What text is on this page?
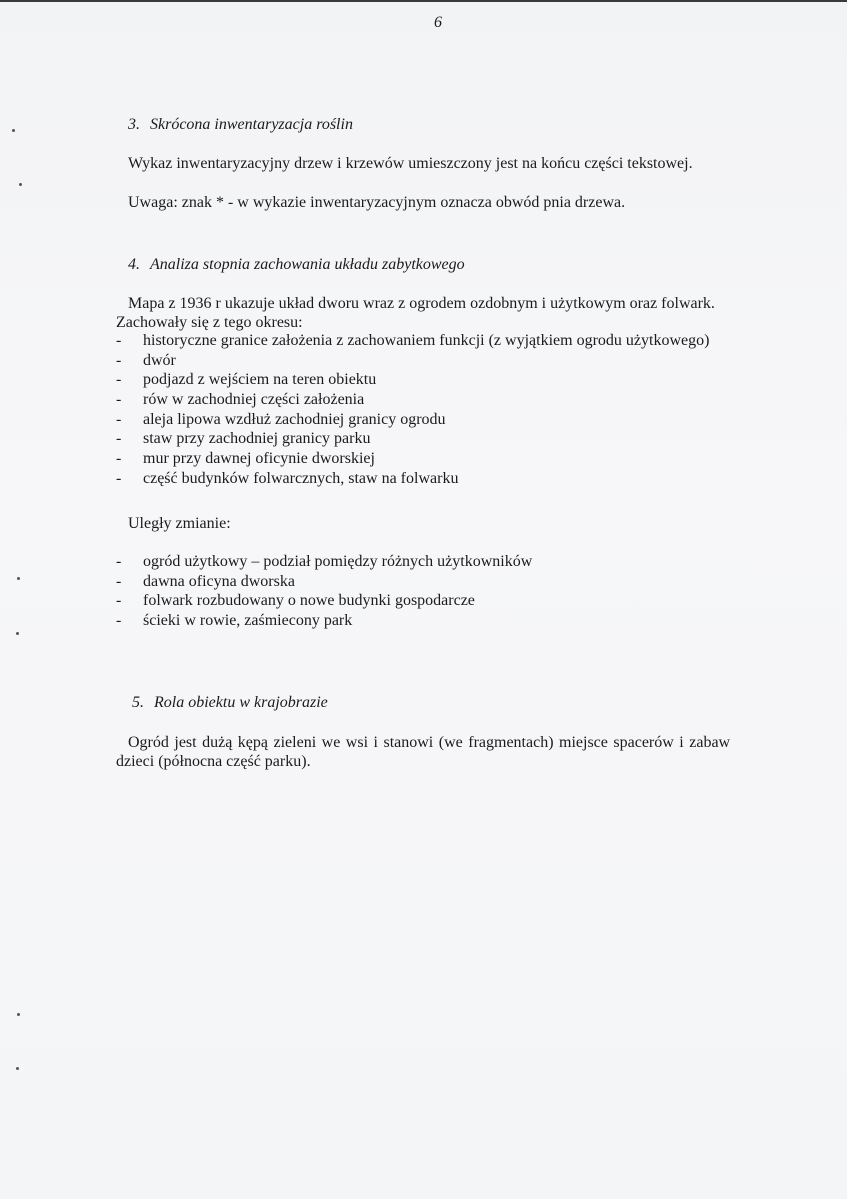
6
3. Skrócona inwentaryzacja roślin
Wykaz inwentaryzacyjny drzew i krzewów umieszczony jest na końcu części tekstowej.
Uwaga: znak * - w wykazie inwentaryzacyjnym oznacza obwód pnia drzewa.
4. Analiza stopnia zachowania układu zabytkowego
Mapa z 1936 r ukazuje układ dworu wraz z ogrodem ozdobnym i użytkowym oraz folwark.
Zachowały się z tego okresu:
- historyczne granice założenia z zachowaniem funkcji (z wyjątkiem ogrodu użytkowego)
- dwór
- podjazd z wejściem na teren obiektu
- rów w zachodniej części założenia
- aleja lipowa wzdłuż zachodniej granicy ogrodu
- staw przy zachodniej granicy parku
- mur przy dawnej oficynie dworskiej
- część budynków folwarcznych, staw na folwarku
Uległy zmianie:
- ogród użytkowy – podział pomiędzy różnych użytkowników
- dawna oficyna dworska
- folwark rozbudowany o nowe budynki gospodarcze
- ścieki w rowie, zaśmiecony park
5. Rola obiektu w krajobrazie
Ogród jest dużą kępą zieleni we wsi i stanowi (we fragmentach) miejsce spacerów i zabaw
dzieci (północna część parku).
